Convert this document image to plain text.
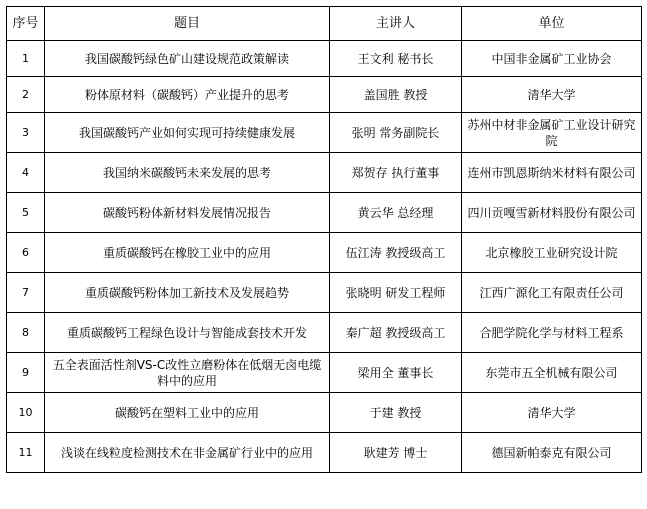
序号	题目	主讲人	单位
1	我国碳酸钙绿色矿山建设规范政策解读	王文利 秘书长	中国非金属矿工业协会
2	粉体原材料（碳酸钙）产业提升的思考	盖国胜 教授	清华大学
3	我国碳酸钙产业如何实现可持续健康发展	张明 常务副院长	苏州中材非金属矿工业设计研究院
4	我国纳米碳酸钙未来发展的思考	郑贺存 执行董事	连州市凯恩斯纳米材料有限公司
5	碳酸钙粉体新材料发展情况报告	黄云华 总经理	四川贡嘎雪新材料股份有限公司
6	重质碳酸钙在橡胶工业中的应用	伍江涛 教授级高工	北京橡胶工业研究设计院
7	重质碳酸钙粉体加工新技术及发展趋势	张晓明 研发工程师	江西广源化工有限责任公司
8	重质碳酸钙工程绿色设计与智能成套技术开发	秦广超 教授级高工	合肥学院化学与材料工程系
9	五全表面活性剂VS-C改性立磨粉体在低烟无卤电缆料中的应用	梁用全 董事长	东莞市五全机械有限公司
10	碳酸钙在塑料工业中的应用	于建 教授	清华大学
11	浅谈在线粒度检测技术在非金属矿行业中的应用	耿建芳 博士	德国新帕泰克有限公司
